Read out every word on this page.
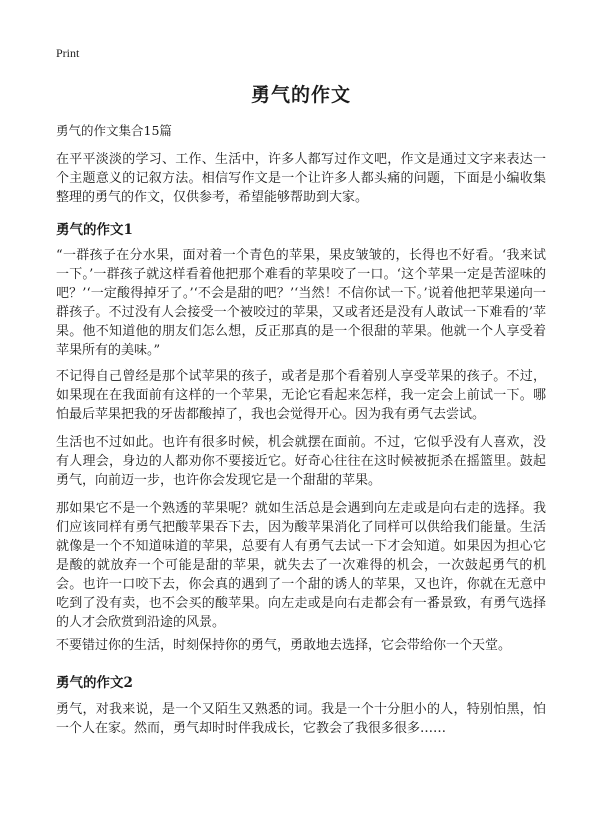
Print
勇气的作文
勇气的作文集合15篇

在平平淡淡的学习、工作、生活中，许多人都写过作文吧，作文是通过文字来表达一个主题意义的记叙方法。相信写作文是一个让许多人都头痛的问题，下面是小编收集整理的勇气的作文，仅供参考，希望能够帮助到大家。

勇气的作文1

“一群孩子在分水果，面对着一个青色的苹果，果皮皱皱的，长得也不好看。‘我来试一下。’一群孩子就这样看着他把那个难看的苹果咬了一口。‘这个苹果一定是苦涩味的吧？’‘一定酸得掉牙了。’‘不会是甜的吧？’‘当然！不信你试一下。’说着他把苹果递向一群孩子。不过没有人会接受一个被咬过的苹果，又或者还是没有人敢试一下难看的’苹果。他不知道他的朋友们怎么想，反正那真的是一个很甜的苹果。他就一个人享受着苹果所有的美味。”

不记得自己曾经是那个试苹果的孩子，或者是那个看着别人享受苹果的孩子。不过，如果现在在我面前有这样的一个苹果，无论它看起来怎样，我一定会上前试一下。哪怕最后苹果把我的牙齿都酸掉了，我也会觉得开心。因为我有勇气去尝试。

生活也不过如此。也许有很多时候，机会就摆在面前。不过，它似乎没有人喜欢，没有人理会，身边的人都劝你不要接近它。好奇心往往在这时候被扼杀在摇篮里。鼓起勇气，向前迈一步，也许你会发现它是一个甜甜的苹果。

那如果它不是一个熟透的苹果呢？就如生活总是会遇到向左走或是向右走的选择。我们应该同样有勇气把酸苹果吞下去，因为酸苹果消化了同样可以供给我们能量。生活就像是一个不知道味道的苹果，总要有人有勇气去试一下才会知道。如果因为担心它是酸的就放弃一个可能是甜的苹果，就失去了一次难得的机会，一次鼓起勇气的机会。也许一口咬下去，你会真的遇到了一个甜的诱人的苹果，又也许，你就在无意中吃到了没有卖，也不会买的酸苹果。向左走或是向右走都会有一番景致，有勇气选择的人才会欣赏到沿途的风景。

不要错过你的生活，时刻保持你的勇气，勇敢地去选择，它会带给你一个天堂。

勇气的作文2

勇气，对我来说，是一个又陌生又熟悉的词。我是一个十分胆小的人，特别怕黑，怕一个人在家。然而，勇气却时时伴我成长，它教会了我很多很多……
